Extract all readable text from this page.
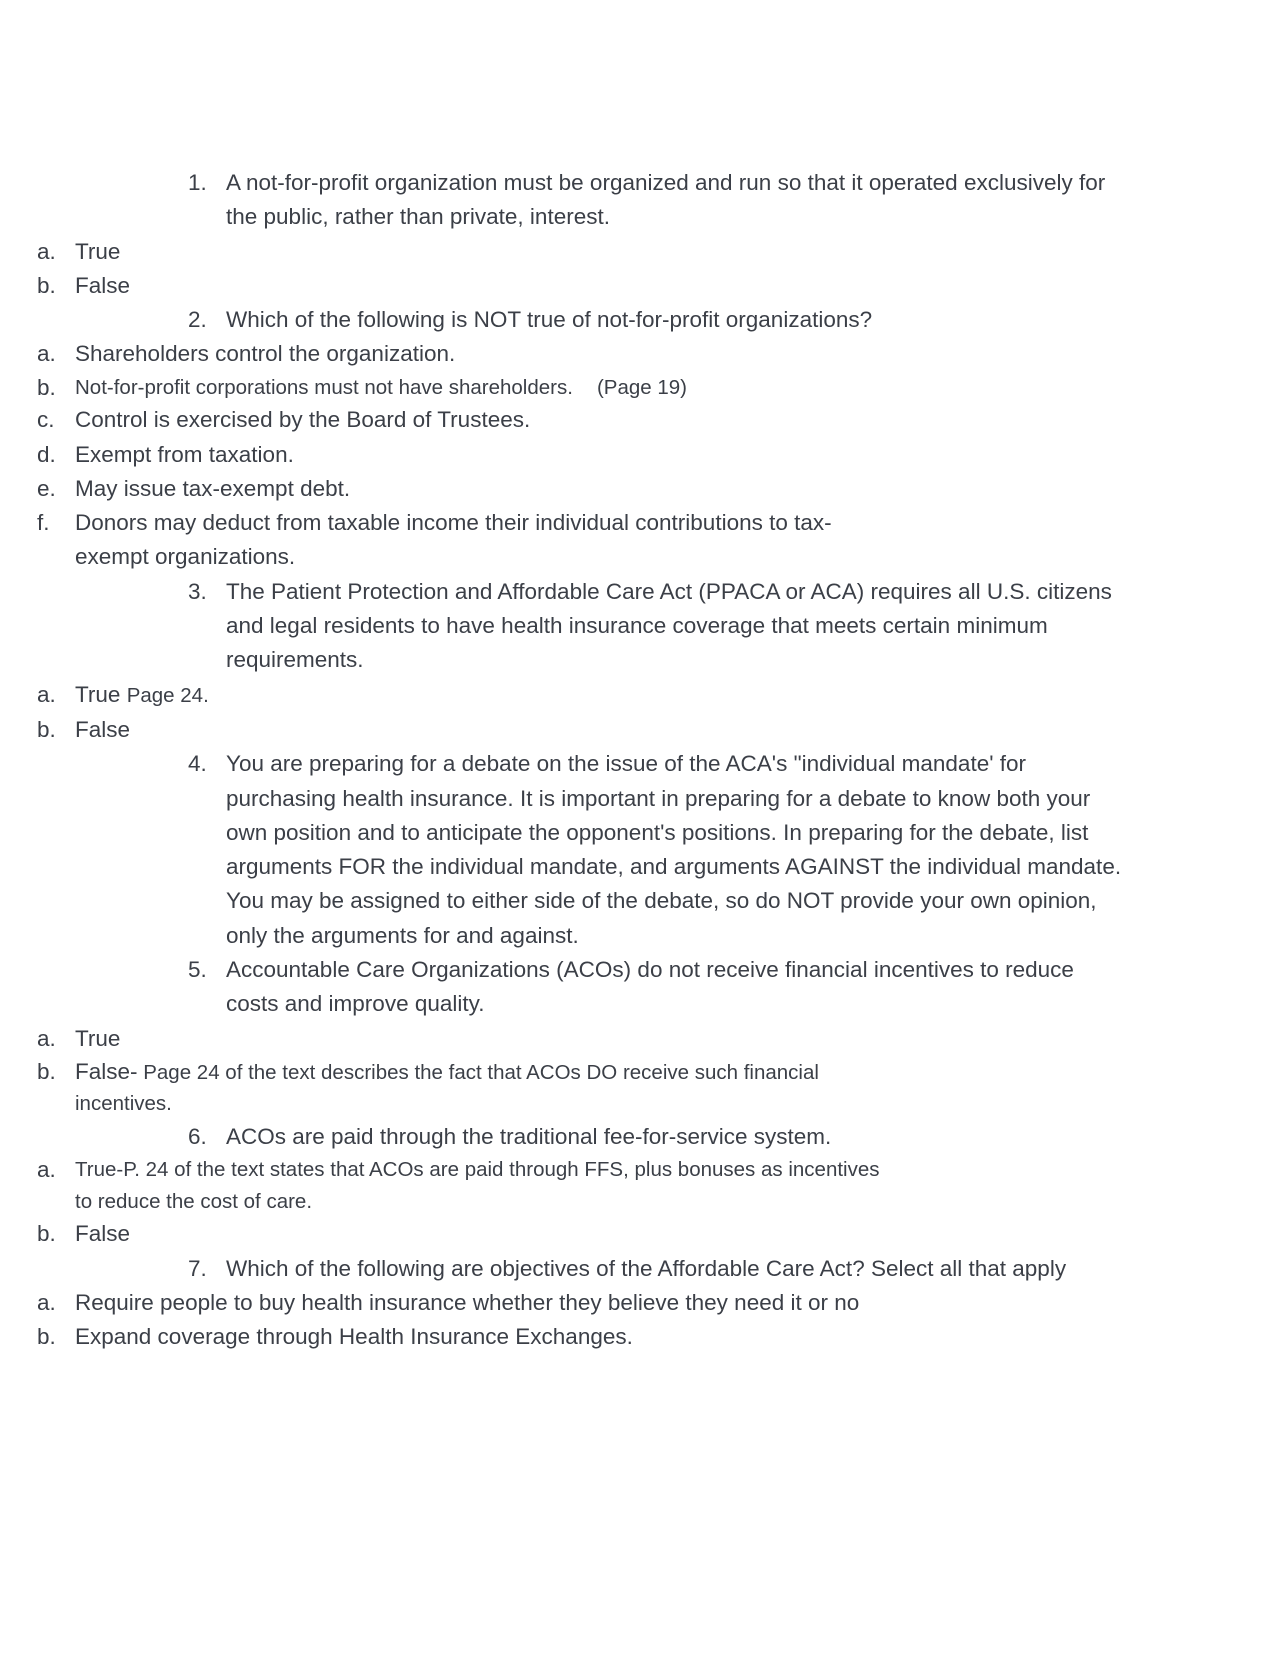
1. A not-for-profit organization must be organized and run so that it operated exclusively for the public, rather than private, interest.
a. True
b. False
2. Which of the following is NOT true of not-for-profit organizations?
a. Shareholders control the organization.
b. Not-for-profit corporations must not have shareholders. (Page 19)
c. Control is exercised by the Board of Trustees.
d. Exempt from taxation.
e. May issue tax-exempt debt.
f. Donors may deduct from taxable income their individual contributions to tax-exempt organizations.
3. The Patient Protection and Affordable Care Act (PPACA or ACA) requires all U.S. citizens and legal residents to have health insurance coverage that meets certain minimum requirements.
a. True Page 24.
b. False
4. You are preparing for a debate on the issue of the ACA's "individual mandate' for purchasing health insurance. It is important in preparing for a debate to know both your own position and to anticipate the opponent's positions. In preparing for the debate, list arguments FOR the individual mandate, and arguments AGAINST the individual mandate.
You may be assigned to either side of the debate, so do NOT provide your own opinion, only the arguments for and against.
5. Accountable Care Organizations (ACOs) do not receive financial incentives to reduce costs and improve quality.
a. True
b. False- Page 24 of the text describes the fact that ACOs DO receive such financial incentives.
6. ACOs are paid through the traditional fee-for-service system.
a. True-P. 24 of the text states that ACOs are paid through FFS, plus bonuses as incentives to reduce the cost of care.
b. False
7. Which of the following are objectives of the Affordable Care Act? Select all that apply
a. Require people to buy health insurance whether they believe they need it or no
b. Expand coverage through Health Insurance Exchanges.
